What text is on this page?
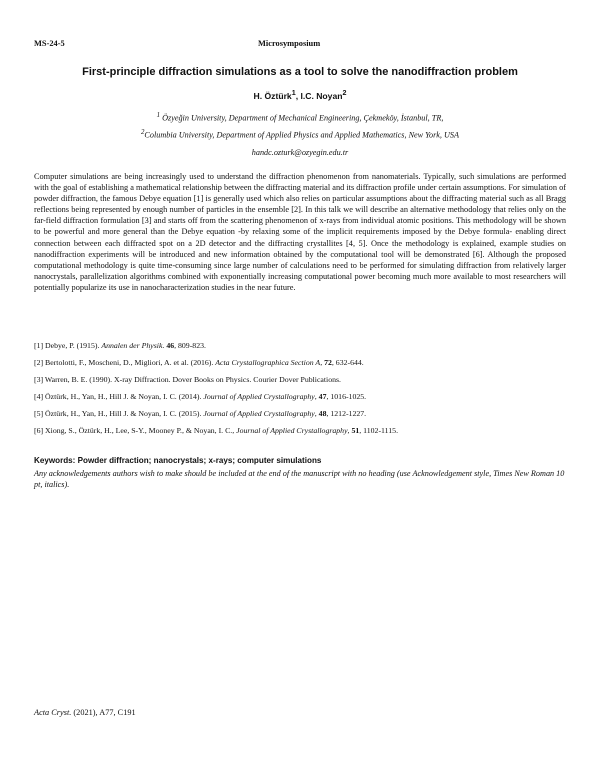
MS-24-5	Microsymposium
First-principle diffraction simulations as a tool to solve the nanodiffraction problem
H. Öztürk$^1$, I.C. Noyan$^2$
$^1$ Özyeğin University, Department of Mechanical Engineering, Çekmeköy, İstanbul, TR,
$^2$Columbia University, Department of Applied Physics and Applied Mathematics, New York, USA
handc.ozturk@ozyegin.edu.tr

Computer simulations are being increasingly used to understand the diffraction phenomenon from nanomaterials. Typically, such simulations are performed with the goal of establishing a mathematical relationship between the diffracting material and its diffraction profile under certain assumptions. For simulation of powder diffraction, the famous Debye equation [1] is generally used which also relies on particular assumptions about the diffracting material such as all Bragg reflections being represented by enough number of particles in the ensemble [2]. In this talk we will describe an alternative methodology that relies only on the far-field diffraction formulation [3] and starts off from the scattering phenomenon of x-rays from individual atomic positions. This methodology will be shown to be powerful and more general than the Debye equation -by relaxing some of the implicit requirements imposed by the Debye formula- enabling direct connection between each diffracted spot on a 2D detector and the diffracting crystallites [4, 5]. Once the methodology is explained, example studies on nanodiffraction experiments will be introduced and new information obtained by the computational tool will be demonstrated [6]. Although the proposed computational methodology is quite time-consuming since large number of calculations need to be performed for simulating diffraction from relatively larger nanocrystals, parallelization algorithms combined with exponentially increasing computational power becoming much more available to most researchers will potentially popularize its use in nanocharacterization studies in the near future.

[1] Debye, P. (1915). Annalen der Physik. 46, 809-823.
[2] Bertolotti, F., Moscheni, D., Migliori, A. et al. (2016). Acta Crystallographica Section A, 72, 632-644.
[3] Warren, B. E. (1990). X-ray Diffraction. Dover Books on Physics. Courier Dover Publications.
[4] Öztürk, H., Yan, H., Hill J. & Noyan, I. C. (2014). Journal of Applied Crystallography, 47, 1016-1025.
[5] Öztürk, H., Yan, H., Hill J. & Noyan, I. C. (2015). Journal of Applied Crystallography, 48, 1212-1227.
[6] Xiong, S., Öztürk, H., Lee, S-Y., Mooney P., & Noyan, I. C., Journal of Applied Crystallography, 51, 1102-1115.
Keywords: Powder diffraction; nanocrystals; x-rays; computer simulations

Any acknowledgements authors wish to make should be included at the end of the manuscript with no heading (use Acknowledgement style, Times New Roman 10 pt, italics).

Acta Cryst. (2021), A77, C191
